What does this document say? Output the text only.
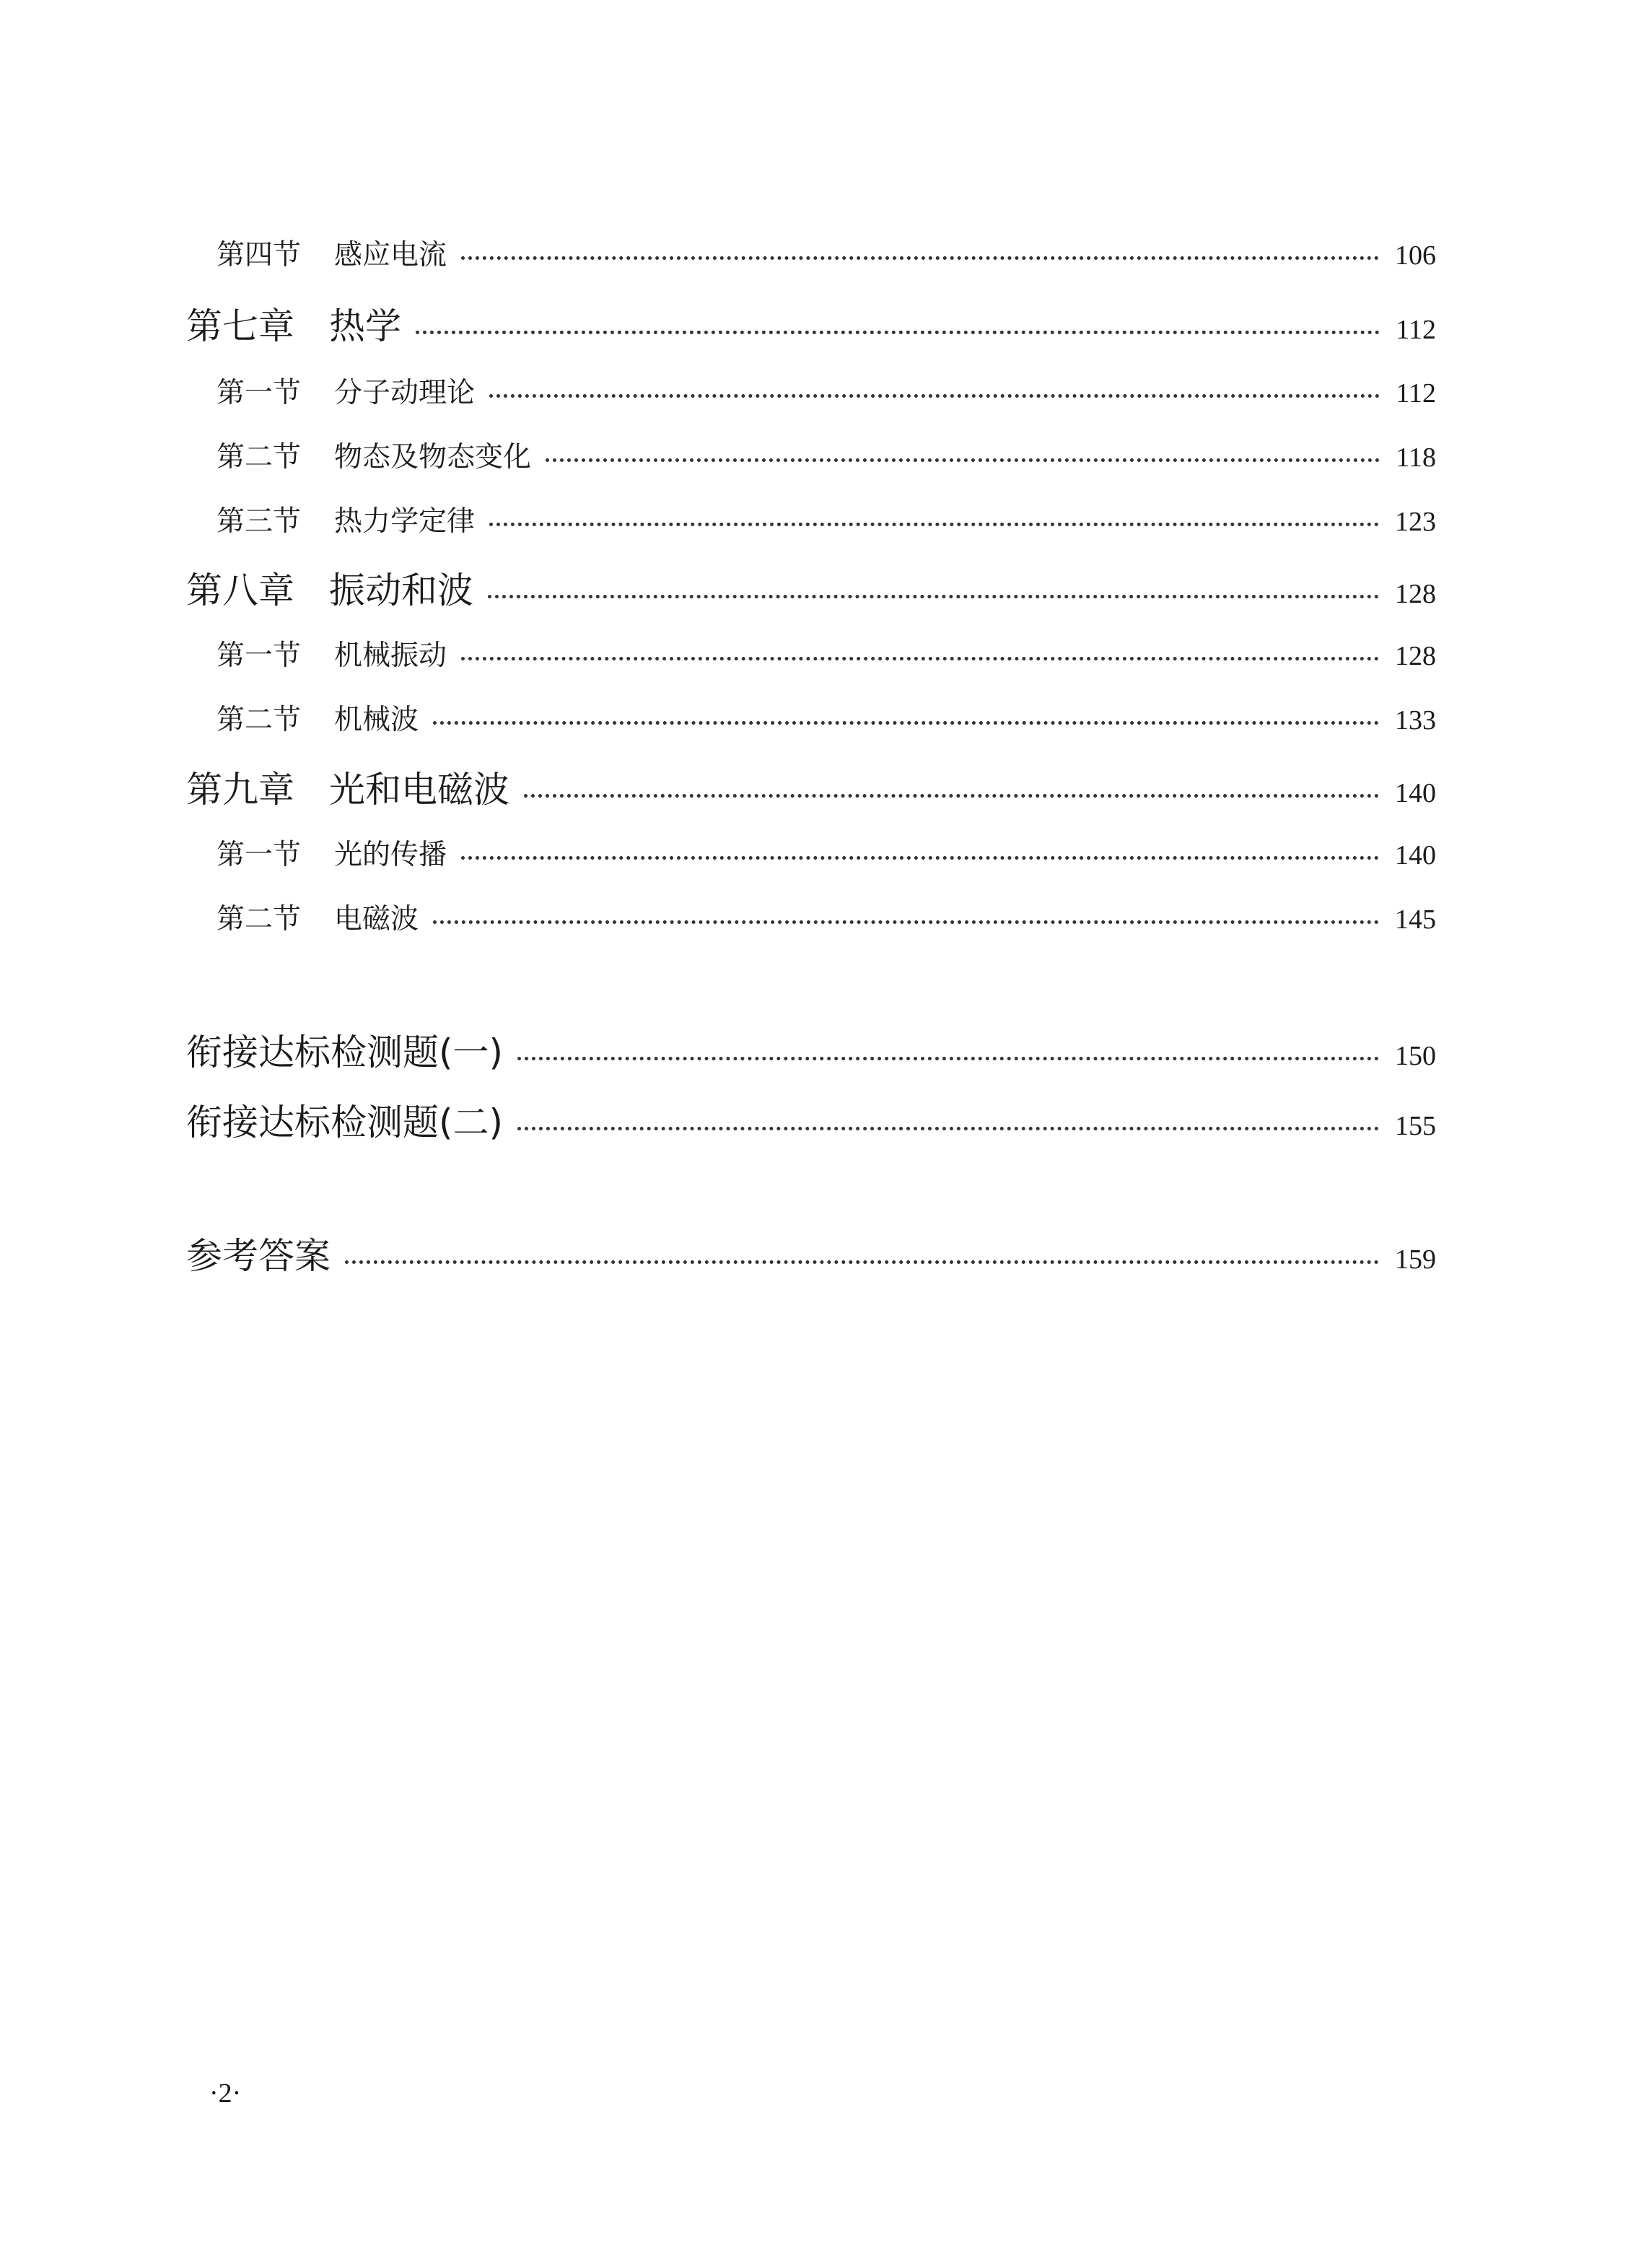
第四节 感应电流	106
第七章 热学	112
第一节 分子动理论	112
第二节 物态及物态变化	118
第三节 热力学定律	123
第八章 振动和波	128
第一节 机械振动	128
第二节 机械波	133
第九章 光和电磁波	140
第一节 光的传播	140
第二节 电磁波	145
衔接达标检测题(一)	150
衔接达标检测题(二)	155
参考答案	159
·2·
